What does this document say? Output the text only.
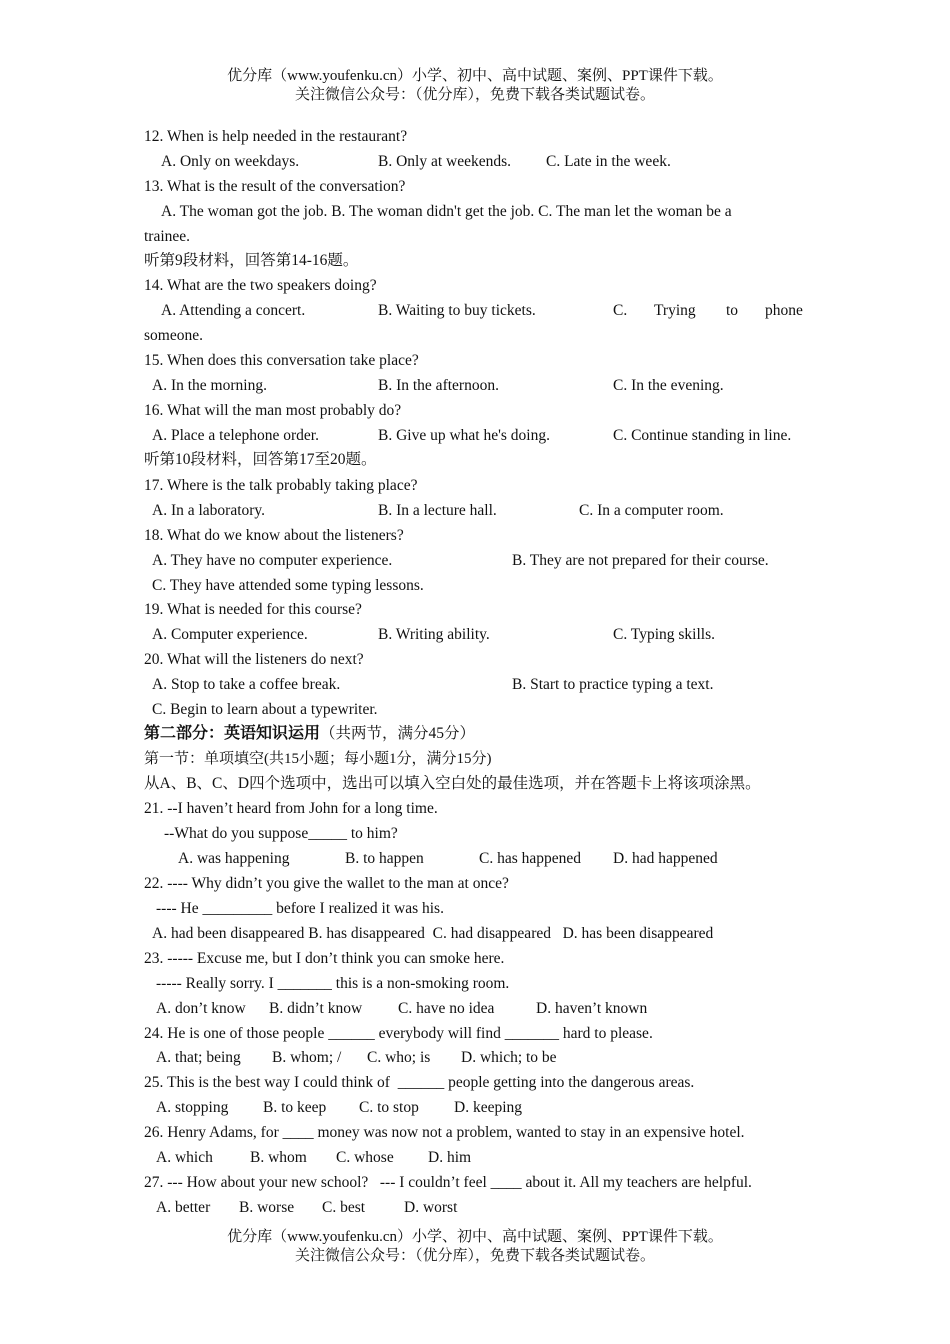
优分库（www.youfenku.cn）小学、初中、高中试题、案例、PPT课件下载。
关注微信公众号：（优分库），免费下载各类试题试卷。
12. When is help needed in the restaurant?
A. Only on weekdays.	B. Only at weekends. C. Late in the week.
13. What is the result of the conversation?
A. The woman got the job. B. The woman didn't get the job. C. The man let the woman be a
trainee.
听第9段材料，回答第14-16题。
14. What are the two speakers doing?
A. Attending a concert.	B. Waiting to buy tickets.	C. Trying to phone
someone.
15. When does this conversation take place?
A. In the morning.	B. In the afternoon.	C. In the evening.
16. What will the man most probably do?
A. Place a telephone order.	B. Give up what he's doing.	C. Continue standing in line.
听第10段材料，回答第17至20题。
17. Where is the talk probably taking place?
A. In a laboratory.	B. In a lecture hall.	C. In a computer room.
18. What do we know about the listeners?
A. They have no computer experience.	B. They are not prepared for their course.
C. They have attended some typing lessons.
19. What is needed for this course?
A. Computer experience.	B. Writing ability.	C. Typing skills.
20. What will the listeners do next?
A. Stop to take a coffee break.	B. Start to practice typing a text.
C. Begin to learn about a typewriter.
第二部分：英语知识运用（共两节，满分45分）
第一节：单项填空(共15小题；每小题1分，满分15分)
从A、B、C、D四个选项中，选出可以填入空白处的最佳选项，并在答题卡上将该项涂黑。
21. --I haven’t heard from John for a long time.
--What do you suppose_____ to him?
A. was happening	B. to happen	C. has happened D. had happened
22. ---- Why didn’t you give the wallet to the man at once?
---- He _________ before I realized it was his.
A. had been disappeared B. has disappeared  C. had disappeared   D. has been disappeared
23. ----- Excuse me, but I don’t think you can smoke here.
----- Really sorry. I _______ this is a non-smoking room.
A. don’t know B. didn’t know C. have no idea	D. haven’t known
24. He is one of those people ______ everybody will find _______ hard to please.
A. that; being B. whom; / C. who; is D. which; to be
25. This is the best way I could think of  ______ people getting into the dangerous areas.
A. stopping B. to keep C. to stop D. keeping
26. Henry Adams, for ____ money was now not a problem, wanted to stay in an expensive hotel.
A. which B. whom C. whose D. him
27. --- How about your new school?   --- I couldn’t feel ____ about it. All my teachers are helpful.
A. better B. worse C. best	D. worst
优分库（www.youfenku.cn）小学、初中、高中试题、案例、PPT课件下载。
关注微信公众号：（优分库），免费下载各类试题试卷。
